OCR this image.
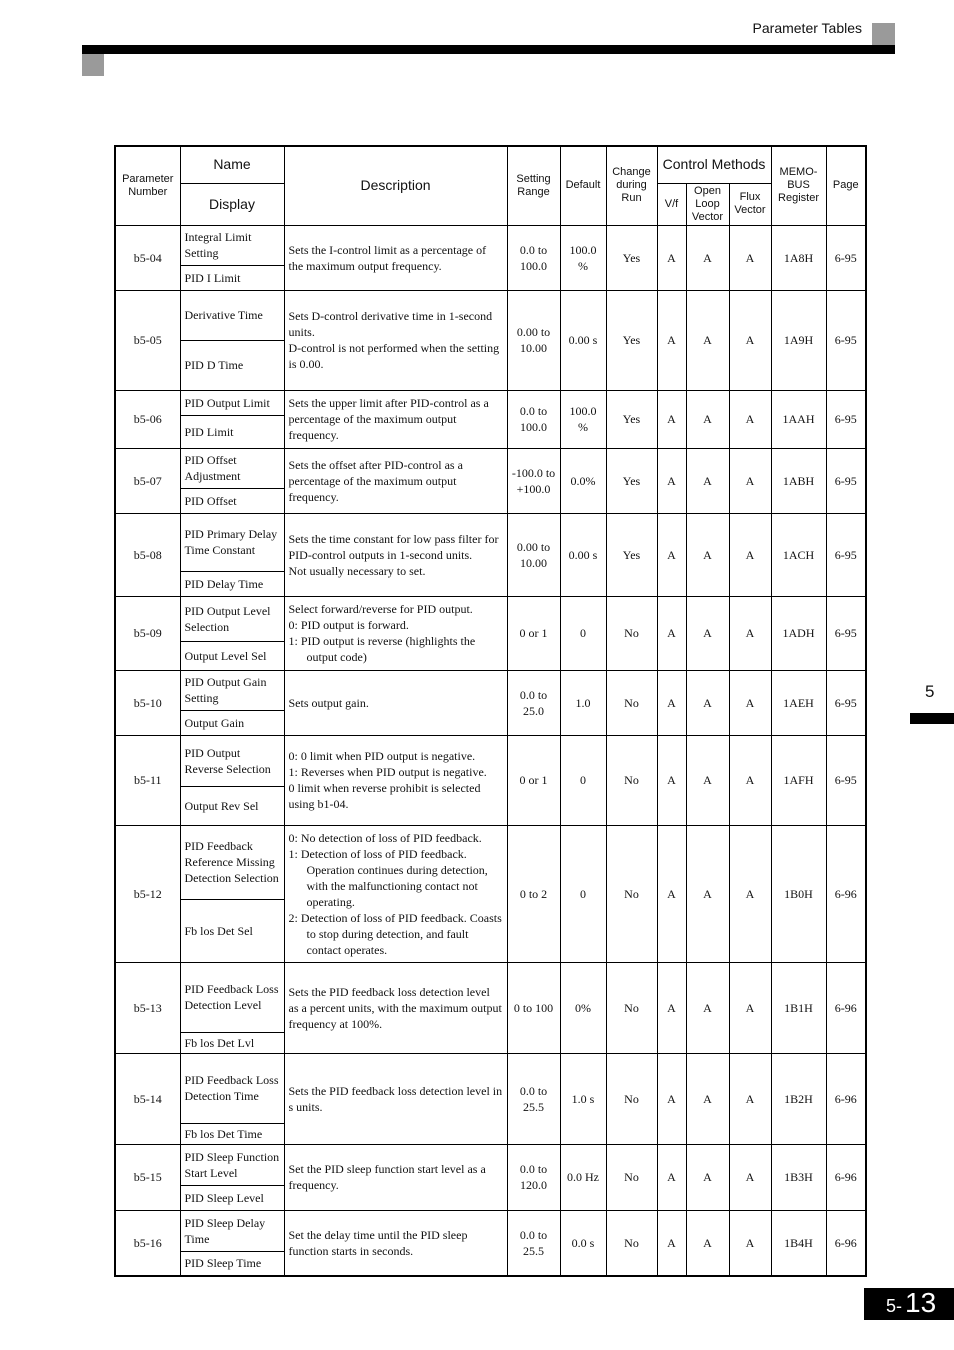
Parameter Tables
Parameter Number	Name	Description	Setting Range	Default	Change during Run	Control Methods			MEMO-BUS Register	Page
	Display					V/f	Open Loop Vector	Flux Vector		
b5-04	Integral Limit Setting	Sets the I-control limit as a percentage of the maximum output frequency.	0.0 to 100.0	100.0 %	Yes	A	A	A	1A8H	6-95
	PID I Limit									
b5-05	Derivative Time	Sets D-control derivative time in 1-second units.
D-control is not performed when the setting is 0.00.	0.00 to 10.00	0.00 s	Yes	A	A	A	1A9H	6-95
	PID D Time									
b5-06	PID Output Limit	Sets the upper limit after PID-control as a percentage of the maximum output frequency.	0.0 to 100.0	100.0 %	Yes	A	A	A	1AAH	6-95
	PID Limit									
b5-07	PID Offset Adjustment	Sets the offset after PID-control as a percentage of the maximum output frequency.	-100.0 to +100.0	0.0%	Yes	A	A	A	1ABH	6-95
	PID Offset									
b5-08	PID Primary Delay Time Constant	Sets the time constant for low pass filter for PID-control outputs in 1-second units.
Not usually necessary to set.	0.00 to 10.00	0.00 s	Yes	A	A	A	1ACH	6-95
	PID Delay Time									
b5-09	PID Output Level Selection	Select forward/reverse for PID output.
0: PID output is forward.
1: PID output is reverse (highlights the output code)	0 or 1	0	No	A	A	A	1ADH	6-95
	Output Level Sel									
b5-10	PID Output Gain Setting	Sets output gain.	0.0 to 25.0	1.0	No	A	A	A	1AEH	6-95
	Output Gain									
b5-11	PID Output Reverse Selection	0: 0 limit when PID output is negative.
1: Reverses when PID output is negative.
0 limit when reverse prohibit is selected using b1-04.	0 or 1	0	No	A	A	A	1AFH	6-95
	Output Rev Sel									
b5-12	PID Feedback Reference Missing Detection Selection	0: No detection of loss of PID feedback.
1: Detection of loss of PID feedback. Operation continues during detection, with the malfunctioning contact not operating.
2: Detection of loss of PID feedback. Coasts to stop during detection, and fault contact operates.	0 to 2	0	No	A	A	A	1B0H	6-96
	Fb los Det Sel									
b5-13	PID Feedback Loss Detection Level	Sets the PID feedback loss detection level as a percent units, with the maximum output frequency at 100%.	0 to 100	0%	No	A	A	A	1B1H	6-96
	Fb los Det Lvl									
b5-14	PID Feedback Loss Detection Time	Sets the PID feedback loss detection level in s units.	0.0 to 25.5	1.0 s	No	A	A	A	1B2H	6-96
	Fb los Det Time									
b5-15	PID Sleep Function Start Level	Set the PID sleep function start level as a frequency.	0.0 to 120.0	0.0 Hz	No	A	A	A	1B3H	6-96
	PID Sleep Level									
b5-16	PID Sleep Delay Time	Set the delay time until the PID sleep function starts in seconds.	0.0 to 25.5	0.0 s	No	A	A	A	1B4H	6-96
	PID Sleep Time									
5
5- 13
